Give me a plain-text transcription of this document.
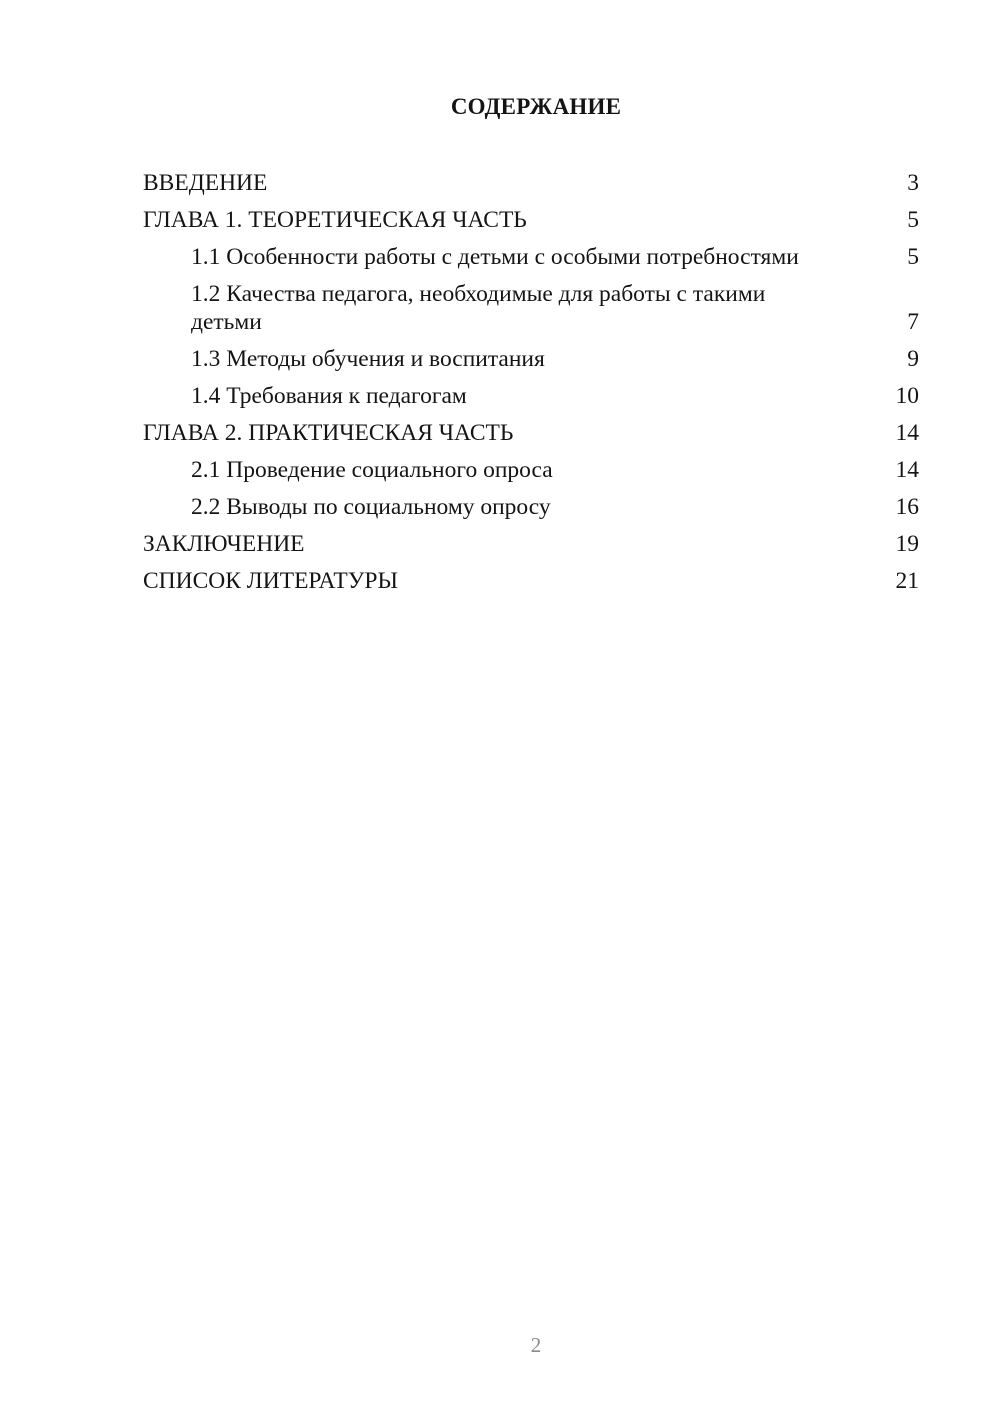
СОДЕРЖАНИЕ
ВВЕДЕНИЕ	3
ГЛАВА 1. ТЕОРЕТИЧЕСКАЯ ЧАСТЬ	5
1.1 Особенности работы с детьми с особыми потребностями	5
1.2 Качества педагога, необходимые для работы с такими детьми	7
1.3 Методы обучения и воспитания	9
1.4 Требования к педагогам	10
ГЛАВА 2. ПРАКТИЧЕСКАЯ ЧАСТЬ	14
2.1 Проведение социального опроса	14
2.2 Выводы по социальному опросу	16
ЗАКЛЮЧЕНИЕ	19
СПИСОК ЛИТЕРАТУРЫ	21
2
